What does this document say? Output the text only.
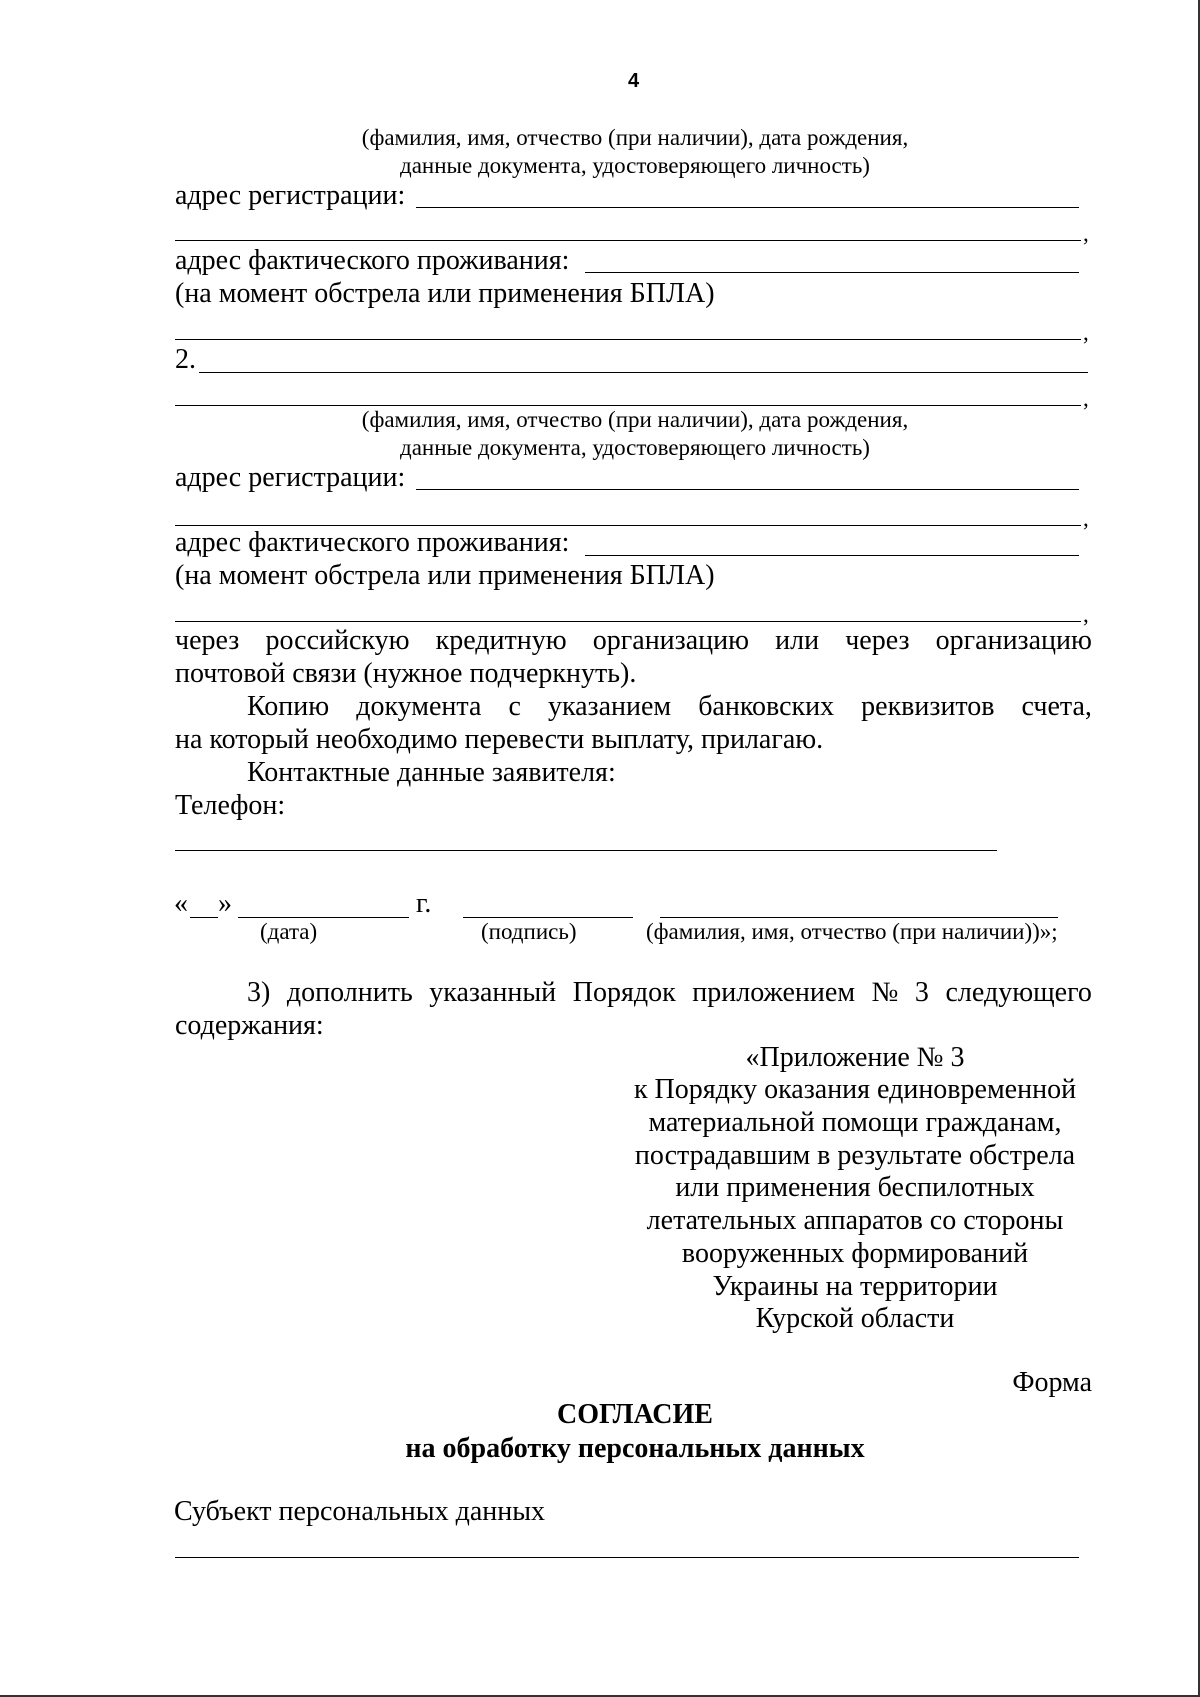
4
(фамилия, имя, отчество (при наличии), дата рождения,
данные документа, удостоверяющего личность)
адрес регистрации:
,
адрес фактического проживания:
(на момент обстрела или применения БПЛА)
,
2.
,
(фамилия, имя, отчество (при наличии), дата рождения,
данные документа, удостоверяющего личность)
адрес регистрации:
,
адрес фактического проживания:
(на момент обстрела или применения БПЛА)
,
через российскую кредитную организацию или через организацию
почтовой связи (нужное подчеркнуть).
Копию документа с указанием банковских реквизитов счета,
на который необходимо перевести выплату, прилагаю.
Контактные данные заявителя:
Телефон:
« »	г.
(дата)	(подпись)	(фамилия, имя, отчество (при наличии))»;
3) дополнить указанный Порядок приложением № 3 следующего
содержания:
«Приложение № 3
к Порядку оказания единовременной
материальной помощи гражданам,
пострадавшим в результате обстрела
или применения беспилотных
летательных аппаратов со стороны
вооруженных формирований
Украины на территории
Курской области
Форма
СОГЛАСИЕ
на обработку персональных данных
Субъект персональных данных
